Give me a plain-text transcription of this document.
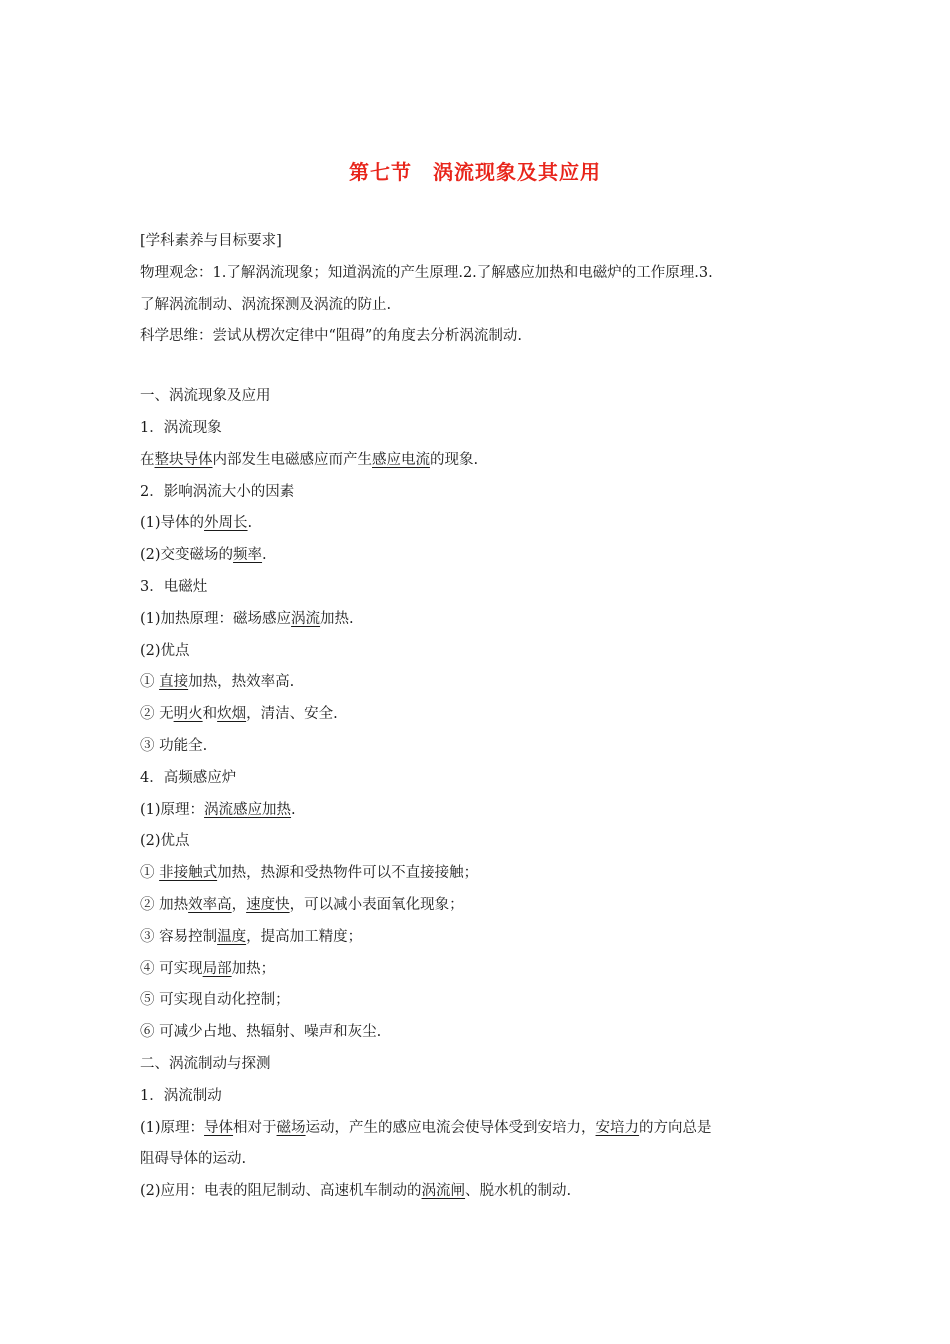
第七节　涡流现象及其应用
[学科素养与目标要求]
物理观念：1.了解涡流现象；知道涡流的产生原理.2.了解感应加热和电磁炉的工作原理.3.
了解涡流制动、涡流探测及涡流的防止.
科学思维：尝试从楞次定律中“阻碍”的角度去分析涡流制动.
一、涡流现象及应用
1．涡流现象
在整块导体内部发生电磁感应而产生感应电流的现象.
2．影响涡流大小的因素
(1)导体的外周长.
(2)交变磁场的频率.
3．电磁灶
(1)加热原理：磁场感应涡流加热.
(2)优点
① 直接加热，热效率高.
② 无明火和炊烟，清洁、安全.
③ 功能全.
4．高频感应炉
(1)原理：涡流感应加热.
(2)优点
① 非接触式加热，热源和受热物件可以不直接接触；
② 加热效率高，速度快，可以减小表面氧化现象；
③ 容易控制温度，提高加工精度；
④ 可实现局部加热；
⑤ 可实现自动化控制；
⑥ 可减少占地、热辐射、噪声和灰尘.
二、涡流制动与探测
1．涡流制动
(1)原理：导体相对于磁场运动，产生的感应电流会使导体受到安培力，安培力的方向总是
阻碍导体的运动.
(2)应用：电表的阻尼制动、高速机车制动的涡流闸、脱水机的制动.
